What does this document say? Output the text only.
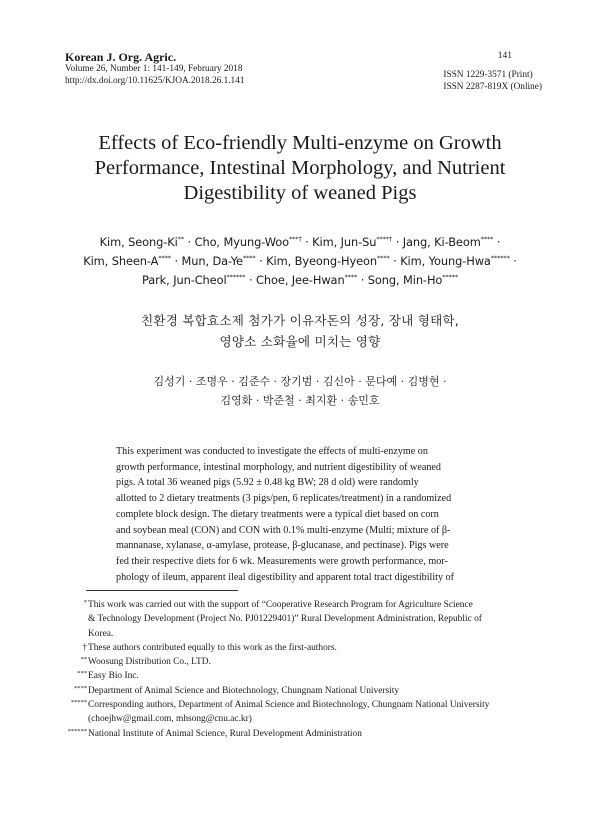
Korean J. Org. Agric.
Volume 26, Number 1: 141-149, February 2018
http://dx.doi.org/10.11625/KJOA.2018.26.1.141
141
ISSN 1229-3571 (Print)
ISSN 2287-819X (Online)
Effects of Eco-friendly Multi-enzyme on Growth
Performance, Intestinal Morphology, and Nutrient
Digestibility of weaned Pigs
Kim, Seong-Ki** · Cho, Myung-Woo***† · Kim, Jun-Su****† · Jang, Ki-Beom**** ·
Kim, Sheen-A**** · Mun, Da-Ye**** · Kim, Byeong-Hyeon**** · Kim, Young-Hwa****** ·
Park, Jun-Cheol****** · Choe, Jee-Hwan**** · Song, Min-Ho*****
친환경 복합효소제 첨가가 이유자돈의 성장, 장내 형태학,
영양소 소화율에 미치는 영향
김성기 · 조명우 · 김준수 · 장기범 · 김신아 · 문다예 · 김병현 ·
김영화 · 박준철 · 최지환 · 송민호
This experiment was conducted to investigate the effects of multi-enzyme on
growth performance, intestinal morphology, and nutrient digestibility of weaned
pigs. A total 36 weaned pigs (5.92 ± 0.48 kg BW; 28 d old) were randomly
allotted to 2 dietary treatments (3 pigs/pen, 6 replicates/treatment) in a randomized
complete block design. The dietary treatments were a typical diet based on corn
and soybean meal (CON) and CON with 0.1% multi-enzyme (Multi; mixture of β-
mannanase, xylanase, α-amylase, protease, β-glucanase, and pectinase). Pigs were
fed their respective diets for 6 wk. Measurements were growth performance, mor-
phology of ileum, apparent ileal digestibility and apparent total tract digestibility of
* This work was carried out with the support of “Cooperative Research Program for Agriculture Science
& Technology Development (Project No. PJ01229401)” Rural Development Administration, Republic of
Korea.
† These authors contributed equally to this work as the first-authors.
** Woosung Distribution Co., LTD.
*** Easy Bio Inc.
**** Department of Animal Science and Biotechnology, Chungnam National University
***** Corresponding authors, Department of Animal Science and Biotechnology, Chungnam National University
(choejhw@gmail.com, mhsong@cnu.ac.kr)
****** National Institute of Animal Science, Rural Development Administration
